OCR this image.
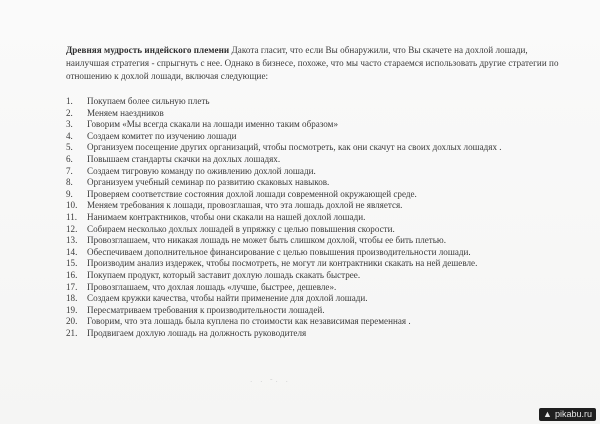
Древняя мудрость индейского племени Дакота гласит, что если Вы обнаружили, что Вы скачете на дохлой лошади, наилучшая стратегия - спрыгнуть с нее. Однако в бизнесе, похоже, что мы часто стараемся использовать другие стратегии по отношению к дохлой лошади, включая следующие:
1.	Покупаем более сильную плеть
2.	Меняем наездников
3.	Говорим «Мы всегда скакали на лошади именно таким образом»
4.	Создаем комитет по изучению лошади
5.	Организуем посещение других организаций, чтобы посмотреть, как они скачут на своих дохлых лошадях .
6.	Повышаем стандарты скачки на дохлых лошадях.
7.	Создаем тигровую команду по оживлению дохлой лошади.
8.	Организуем учебный семинар по развитию скаковых навыков.
9.	Проверяем соответствие состояния дохлой лошади современной окружающей среде.
10.	Меняем требования к лошади, провозглашая, что эта лошадь дохлой не является.
11.	Нанимаем контрактников, чтобы они скакали на нашей дохлой лошади.
12.	Собираем несколько дохлых лошадей в упряжку с целью повышения скорости.
13.	Провозглашаем, что никакая лошадь не может быть слишком дохлой, чтобы ее бить плетью.
14.	Обеспечиваем дополнительное финансирование с целью повышения производительности лошади.
15.	Производим анализ издержек, чтобы посмотреть, не могут ли контрактники скакать на ней дешевле.
16.	Покупаем продукт, который заставит дохлую лошадь скакать быстрее.
17.	Провозглашаем, что дохлая лошадь «лучше, быстрее, дешевле».
18.	Создаем кружки качества, чтобы найти применение для дохлой лошади.
19.	Пересматриваем требования к производительности лошадей.
20.	Говорим, что эта лошадь была куплена по стоимости как независимая переменная .
21.	Продвигаем дохлую лошадь на должность руководителя
· · ˘· ·
▲ pikabu.ru
